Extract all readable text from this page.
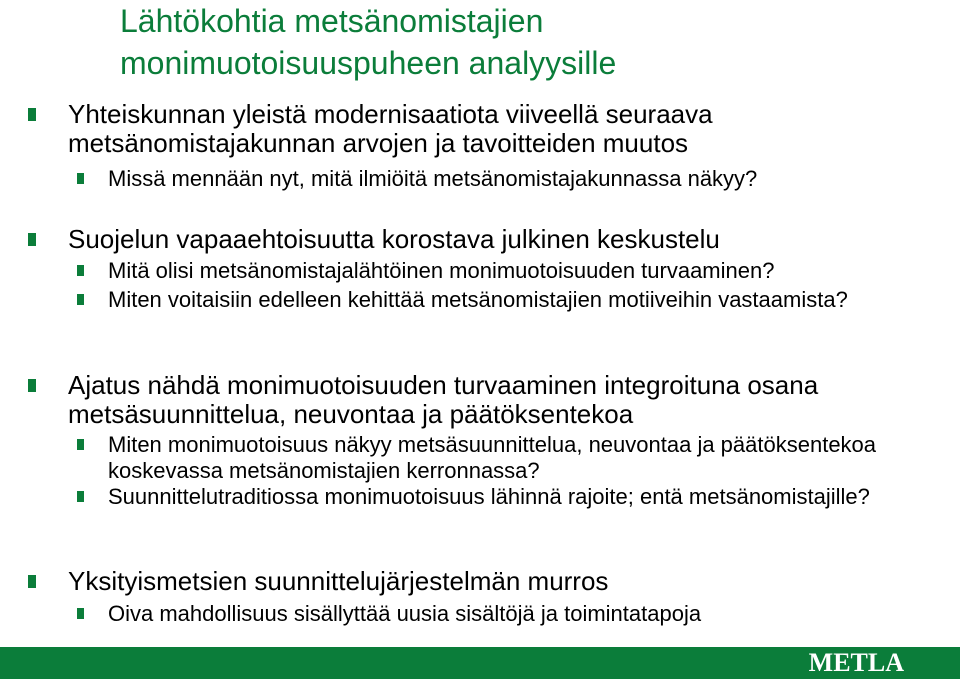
Lähtökohtia metsänomistajien
monimuotoisuuspuheen analyysille
Yhteiskunnan yleistä modernisaatiota viiveellä seuraava metsänomistajakunnan arvojen ja tavoitteiden muutos
Missä mennään nyt, mitä ilmiöitä metsänomistajakunnassa näkyy?
Suojelun vapaaehtoisuutta korostava julkinen keskustelu
Mitä olisi metsänomistajalähtöinen monimuotoisuuden turvaaminen?
Miten voitaisiin edelleen kehittää metsänomistajien motiiveihin vastaamista?
Ajatus nähdä monimuotoisuuden turvaaminen integroituna osana metsäsuunnittelua, neuvontaa ja päätöksentekoa
Miten monimuotoisuus näkyy metsäsuunnittelua, neuvontaa ja päätöksentekoa koskevassa metsänomistajien kerronnassa?
Suunnittelutraditiossa monimuotoisuus lähinnä rajoite; entä metsänomistajille?
Yksityismetsien suunnittelujärjestelmän murros
Oiva mahdollisuus sisällyttää uusia sisältöjä ja toimintatapoja
METLA
